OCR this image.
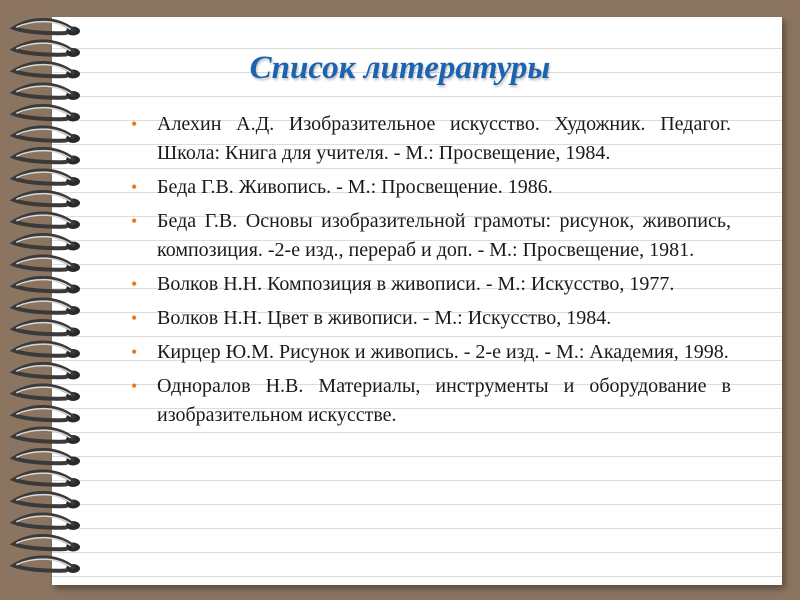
Список литературы
• Алехин А.Д. Изобразительное искусство. Художник. Педагог. Школа: Книга для учителя. - М.: Просвещение, 1984.
• Беда Г.В. Живопись. - М.: Просвещение. 1986.
• Беда Г.В. Основы изобразительной грамоты: рисунок, живопись, композиция. -2-е изд., перераб и доп. - М.: Просвещение, 1981.
• Волков Н.Н. Композиция в живописи. - М.: Искусство, 1977.
• Волков Н.Н. Цвет в живописи. - М.: Искусство, 1984.
• Кирцер Ю.М. Рисунок и живопись. - 2-е изд. - М.: Академия, 1998.
• Одноралов Н.В. Материалы, инструменты и оборудование в изобразительном искусстве.
